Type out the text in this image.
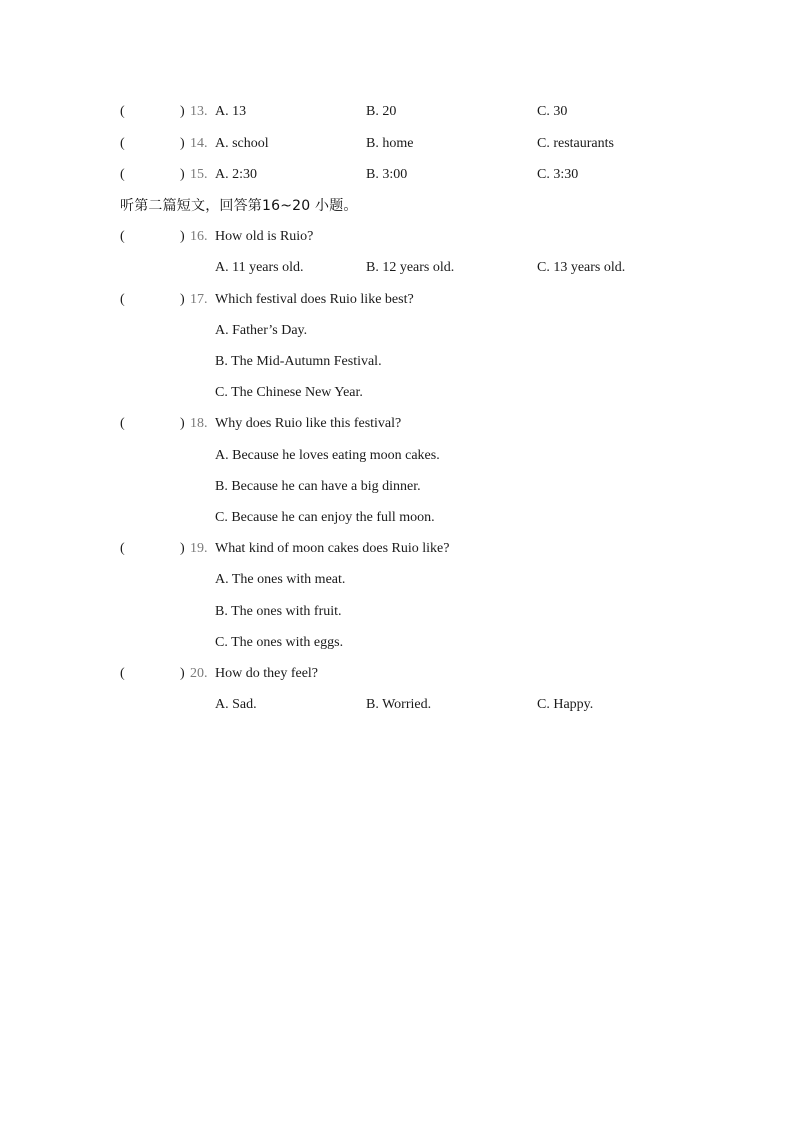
(	) 13. A. 13	B. 20	C. 30
(	) 14. A. school	B. home	C. restaurants
(	) 15. A. 2:30	B. 3:00	C. 3:30
听第二篇短文，回答第16~20 小题。
(	) 16. How old is Ruio?
A. 11 years old.	B. 12 years old.	C. 13 years old.
(	) 17. Which festival does Ruio like best?
A. Father’s Day.
B. The Mid-Autumn Festival.
C. The Chinese New Year.
(	) 18. Why does Ruio like this festival?
A. Because he loves eating moon cakes.
B. Because he can have a big dinner.
C. Because he can enjoy the full moon.
(	) 19. What kind of moon cakes does Ruio like?
A. The ones with meat.
B. The ones with fruit.
C. The ones with eggs.
(	) 20. How do they feel?
A. Sad.	B. Worried.	C. Happy.
